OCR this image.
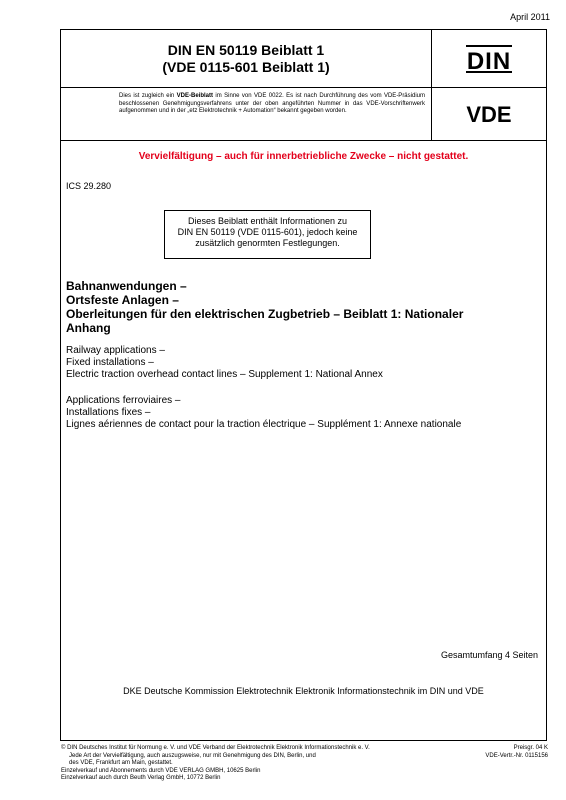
April 2011
DIN EN 50119 Beiblatt 1
(VDE 0115-601 Beiblatt 1)
Dies ist zugleich ein VDE-Beiblatt im Sinne von VDE 0022. Es ist nach Durchführung des vom VDE-Präsidium beschlossenen Genehmigungsverfahrens unter der oben angeführten Nummer in das VDE-Vorschriftenwerk aufgenommen und in der „etz Elektrotechnik + Automation“ bekannt gegeben worden.
DIN
VDE
Vervielfältigung – auch für innerbetriebliche Zwecke – nicht gestattet.
ICS 29.280
Dieses Beiblatt enthält Informationen zu
DIN EN 50119 (VDE 0115-601), jedoch keine
zusätzlich genormten Festlegungen.
Bahnanwendungen –
Ortsfeste Anlagen –
Oberleitungen für den elektrischen Zugbetrieb – Beiblatt 1: Nationaler
Anhang
Railway applications –
Fixed installations –
Electric traction overhead contact lines – Supplement 1: National Annex
Applications ferroviaires –
Installations fixes –
Lignes aériennes de contact pour la traction électrique – Supplément 1: Annexe nationale
Gesamtumfang 4 Seiten
DKE Deutsche Kommission Elektrotechnik Elektronik Informationstechnik im DIN und VDE
© DIN Deutsches Institut für Normung e. V. und VDE Verband der Elektrotechnik Elektronik Informationstechnik e. V.
Jede Art der Vervielfältigung, auch auszugsweise, nur mit Genehmigung des DIN, Berlin, und
des VDE, Frankfurt am Main, gestattet.
Einzelverkauf und Abonnements durch VDE VERLAG GMBH, 10625 Berlin
Einzelverkauf auch durch Beuth Verlag GmbH, 10772 Berlin
Preisgr. 04 K
VDE-Vertr.-Nr. 0115156
